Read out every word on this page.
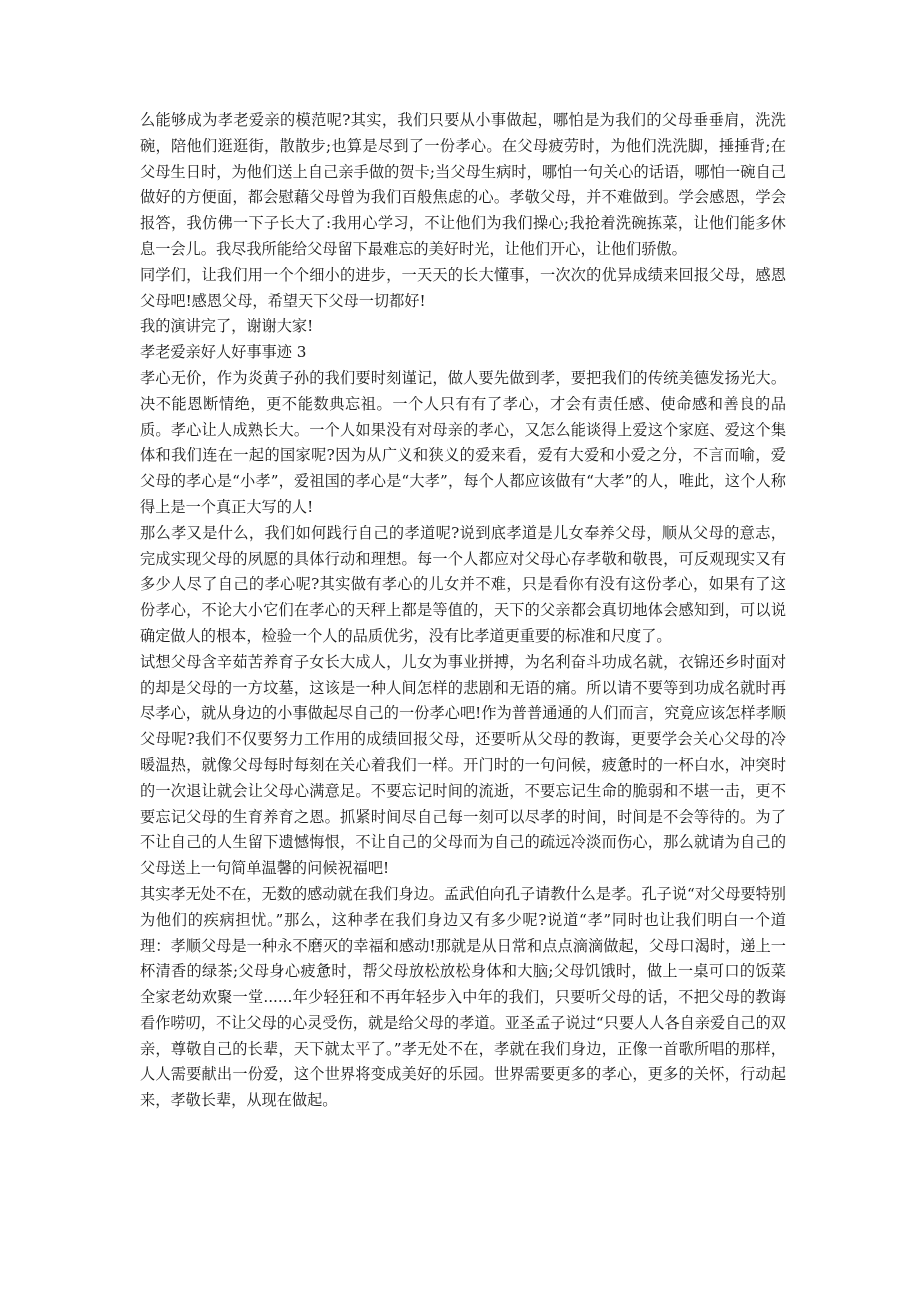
么能够成为孝老爱亲的模范呢?其实，我们只要从小事做起，哪怕是为我们的父母垂垂肩，洗洗碗，陪他们逛逛街，散散步;也算是尽到了一份孝心。在父母疲劳时，为他们洗洗脚，捶捶背;在父母生日时，为他们送上自己亲手做的贺卡;当父母生病时，哪怕一句关心的话语，哪怕一碗自己做好的方便面，都会慰藉父母曾为我们百般焦虑的心。孝敬父母，并不难做到。学会感恩，学会报答，我仿佛一下子长大了:我用心学习，不让他们为我们操心;我抢着洗碗拣菜，让他们能多休息一会儿。我尽我所能给父母留下最难忘的美好时光，让他们开心，让他们骄傲。

同学们，让我们用一个个细小的进步，一天天的长大懂事，一次次的优异成绩来回报父母，感恩父母吧!感恩父母，希望天下父母一切都好!

我的演讲完了，谢谢大家!

孝老爱亲好人好事事迹 3

孝心无价，作为炎黄子孙的我们要时刻谨记，做人要先做到孝，要把我们的传统美德发扬光大。决不能恩断情绝，更不能数典忘祖。一个人只有有了孝心，才会有责任感、使命感和善良的品质。孝心让人成熟长大。一个人如果没有对母亲的孝心，又怎么能谈得上爱这个家庭、爱这个集体和我们连在一起的国家呢?因为从广义和狭义的爱来看，爱有大爱和小爱之分，不言而喻，爱父母的孝心是“小孝”，爱祖国的孝心是“大孝”，每个人都应该做有“大孝”的人，唯此，这个人称得上是一个真正大写的人!

那么孝又是什么，我们如何践行自己的孝道呢?说到底孝道是儿女奉养父母，顺从父母的意志，完成实现父母的夙愿的具体行动和理想。每一个人都应对父母心存孝敬和敬畏，可反观现实又有多少人尽了自己的孝心呢?其实做有孝心的儿女并不难，只是看你有没有这份孝心，如果有了这份孝心，不论大小它们在孝心的天秤上都是等值的，天下的父亲都会真切地体会感知到，可以说确定做人的根本，检验一个人的品质优劣，没有比孝道更重要的标准和尺度了。

试想父母含辛茹苦养育子女长大成人，儿女为事业拼搏，为名利奋斗功成名就，衣锦还乡时面对的却是父母的一方坟墓，这该是一种人间怎样的悲剧和无语的痛。所以请不要等到功成名就时再尽孝心，就从身边的小事做起尽自己的一份孝心吧!作为普普通通的人们而言，究竟应该怎样孝顺父母呢?我们不仅要努力工作用的成绩回报父母，还要听从父母的教诲，更要学会关心父母的冷暖温热，就像父母每时每刻在关心着我们一样。开门时的一句问候，疲惫时的一杯白水，冲突时的一次退让就会让父母心满意足。不要忘记时间的流逝，不要忘记生命的脆弱和不堪一击，更不要忘记父母的生育养育之恩。抓紧时间尽自己每一刻可以尽孝的时间，时间是不会等待的。为了不让自己的人生留下遗憾悔恨，不让自己的父母而为自己的疏远冷淡而伤心，那么就请为自己的父母送上一句简单温馨的问候祝福吧!

其实孝无处不在，无数的感动就在我们身边。孟武伯向孔子请教什么是孝。孔子说“对父母要特别为他们的疾病担忧。”那么，这种孝在我们身边又有多少呢?说道“孝”同时也让我们明白一个道理：孝顺父母是一种永不磨灭的幸福和感动!那就是从日常和点点滴滴做起，父母口渴时，递上一杯清香的绿茶;父母身心疲惫时，帮父母放松放松身体和大脑;父母饥饿时，做上一桌可口的饭菜全家老幼欢聚一堂......年少轻狂和不再年轻步入中年的我们，只要听父母的话，不把父母的教诲看作唠叨，不让父母的心灵受伤，就是给父母的孝道。亚圣孟子说过“只要人人各自亲爱自己的双亲，尊敬自己的长辈，天下就太平了。”孝无处不在，孝就在我们身边，正像一首歌所唱的那样，人人需要献出一份爱，这个世界将变成美好的乐园。世界需要更多的孝心，更多的关怀，行动起来，孝敬长辈，从现在做起。
